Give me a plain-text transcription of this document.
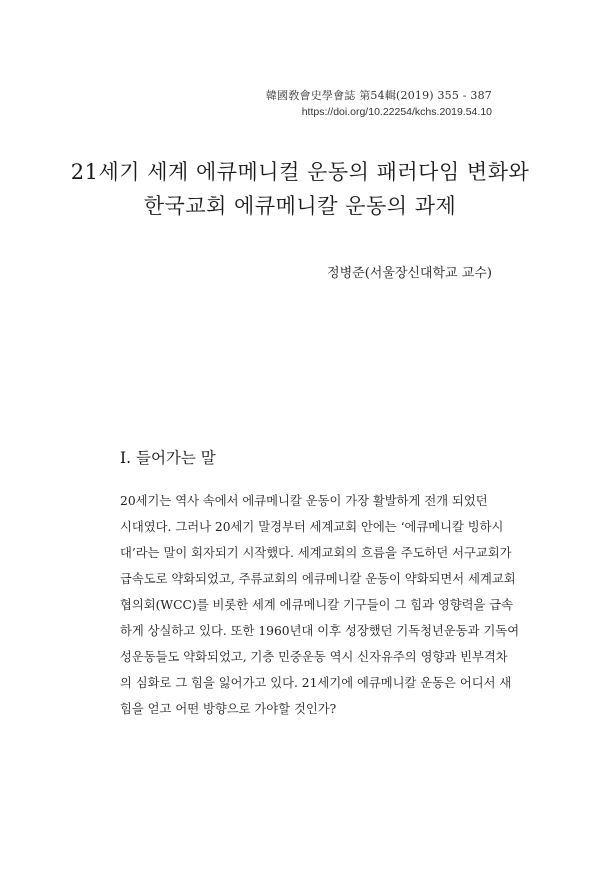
韓國敎會史學會誌 第54輯(2019) 355 - 387
https://doi.org/10.22254/kchs.2019.54.10
21세기 세계 에큐메니컬 운동의 패러다임 변화와
한국교회 에큐메니칼 운동의 과제
정병준(서울장신대학교 교수)
I. 들어가는 말
20세기는 역사 속에서 에큐메니칼 운동이 가장 활발하게 전개 되었던
시대였다. 그러나 20세기 말경부터 세계교회 안에는 ‘에큐메니칼 빙하시
대’라는 말이 회자되기 시작했다. 세계교회의 흐름을 주도하던 서구교회가
급속도로 약화되었고, 주류교회의 에큐메니칼 운동이 약화되면서 세계교회
협의회(WCC)를 비롯한 세계 에큐메니칼 기구들이 그 힘과 영향력을 급속
하게 상실하고 있다. 또한 1960년대 이후 성장했던 기독청년운동과 기독여
성운동들도 약화되었고, 기층 민중운동 역시 신자유주의 영향과 빈부격차
의 심화로 그 힘을 잃어가고 있다. 21세기에 에큐메니칼 운동은 어디서 새
힘을 얻고 어떤 방향으로 가야할 것인가?
